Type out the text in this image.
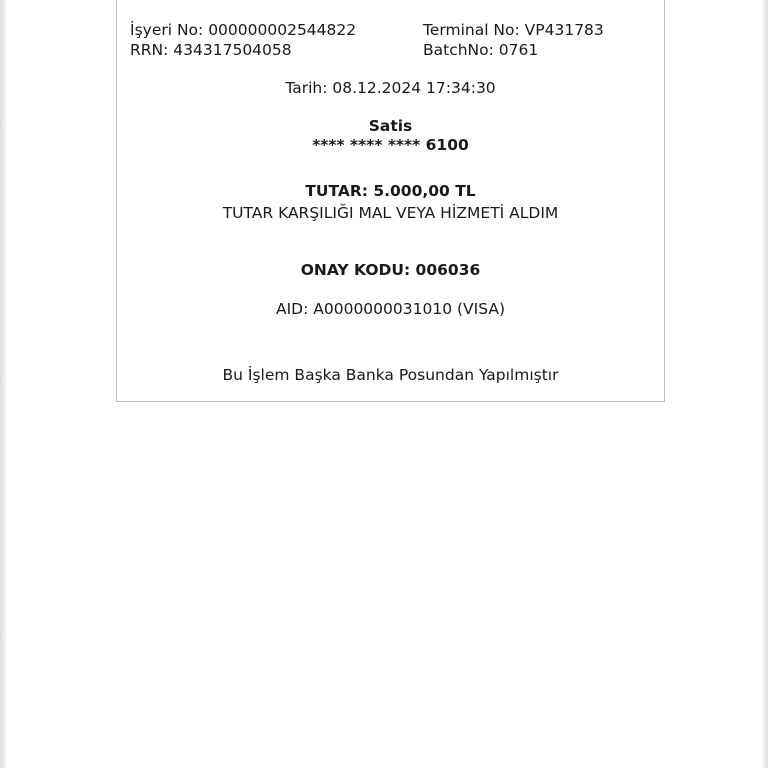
İşyeri No: 000000002544822	Terminal No: VP431783
RRN: 434317504058	BatchNo: 0761
Tarih: 08.12.2024 17:34:30
Satis
**** **** **** 6100
TUTAR: 5.000,00 TL
TUTAR KARŞILIĞI MAL VEYA HİZMETİ ALDIM
ONAY KODU: 006036
AID: A0000000031010 (VISA)
Bu İşlem Başka Banka Posundan Yapılmıştır
